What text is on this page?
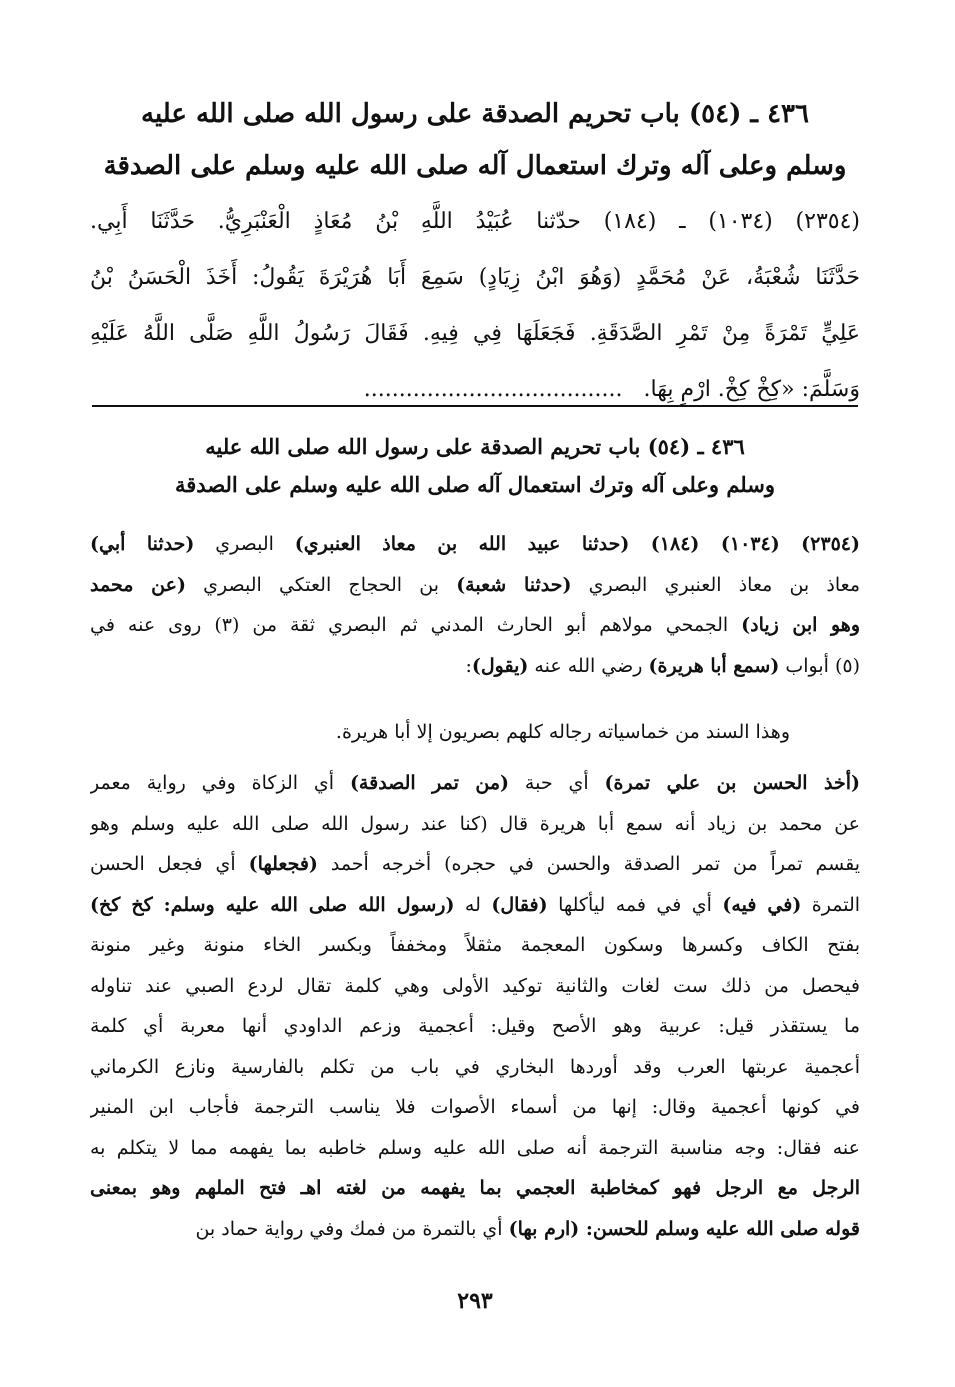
٤٣٦ ـ (٥٤) باب تحريم الصدقة على رسول الله صلى الله عليه
وسلم وعلى آله وترك استعمال آله صلى الله عليه وسلم على الصدقة
(٢٣٥٤) (١٠٣٤) ـ (١٨٤) حدّثنا عُبَيْدُ اللَّهِ بْنُ مُعَاذٍ الْعَنْبَرِيُّ. حَدَّثَنَا أَبِي.
حَدَّثَنَا شُعْبَةُ، عَنْ مُحَمَّدٍ (وَهُوَ ابْنُ زِيَادٍ) سَمِعَ أَبَا هُرَيْرَةَ يَقُولُ: أَخَذَ الْحَسَنُ بْنُ
عَلِيٍّ تَمْرَةً مِنْ تَمْرِ الصَّدَقَةِ. فَجَعَلَهَا فِي فِيهِ. فَقَالَ رَسُولُ اللَّهِ صَلَّى اللَّهُ عَلَيْهِ
وَسَلَّمَ: «كِخْ كِخْ. ارْمِ بِهَا.   .....................................
٤٣٦ ـ (٥٤) باب تحريم الصدقة على رسول الله صلى الله عليه
وسلم وعلى آله وترك استعمال آله صلى الله عليه وسلم على الصدقة
(٢٣٥٤) (١٠٣٤) (١٨٤) (حدثنا عبيد الله بن معاذ العنبري) البصري (حدثنا أبي)
معاذ بن معاذ العنبري البصري (حدثنا شعبة) بن الحجاج العتكي البصري (عن محمد
وهو ابن زياد) الجمحي مولاهم أبو الحارث المدني ثم البصري ثقة من (٣) روى عنه في
(٥) أبواب (سمع أبا هريرة) رضي الله عنه (يقول):
وهذا السند من خماسياته رجاله كلهم بصريون إلا أبا هريرة.
(أخذ الحسن بن علي تمرة) أي حبة (من تمر الصدقة) أي الزكاة وفي رواية معمر
عن محمد بن زياد أنه سمع أبا هريرة قال (كنا عند رسول الله صلى الله عليه وسلم وهو
يقسم تمراً من تمر الصدقة والحسن في حجره) أخرجه أحمد (فجعلها) أي فجعل الحسن
التمرة (في فيه) أي في فمه ليأكلها (فقال) له (رسول الله صلى الله عليه وسلم: كخ كخ)
بفتح الكاف وكسرها وسكون المعجمة مثقلاً ومخففاً وبكسر الخاء منونة وغير منونة
فيحصل من ذلك ست لغات والثانية توكيد الأولى وهي كلمة تقال لردع الصبي عند تناوله
ما يستقذر قيل: عربية وهو الأصح وقيل: أعجمية وزعم الداودي أنها معربة أي كلمة
أعجمية عربتها العرب وقد أوردها البخاري في باب من تكلم بالفارسية ونازع الكرماني
في كونها أعجمية وقال: إنها من أسماء الأصوات فلا يناسب الترجمة فأجاب ابن المنير
عنه فقال: وجه مناسبة الترجمة أنه صلى الله عليه وسلم خاطبه بما يفهمه مما لا يتكلم به
الرجل مع الرجل فهو كمخاطبة العجمي بما يفهمه من لغته اهـ فتح الملهم وهو بمعنى
قوله صلى الله عليه وسلم للحسن: (ارم بها) أي بالتمرة من فمك وفي رواية حماد بن
٢٩٣
